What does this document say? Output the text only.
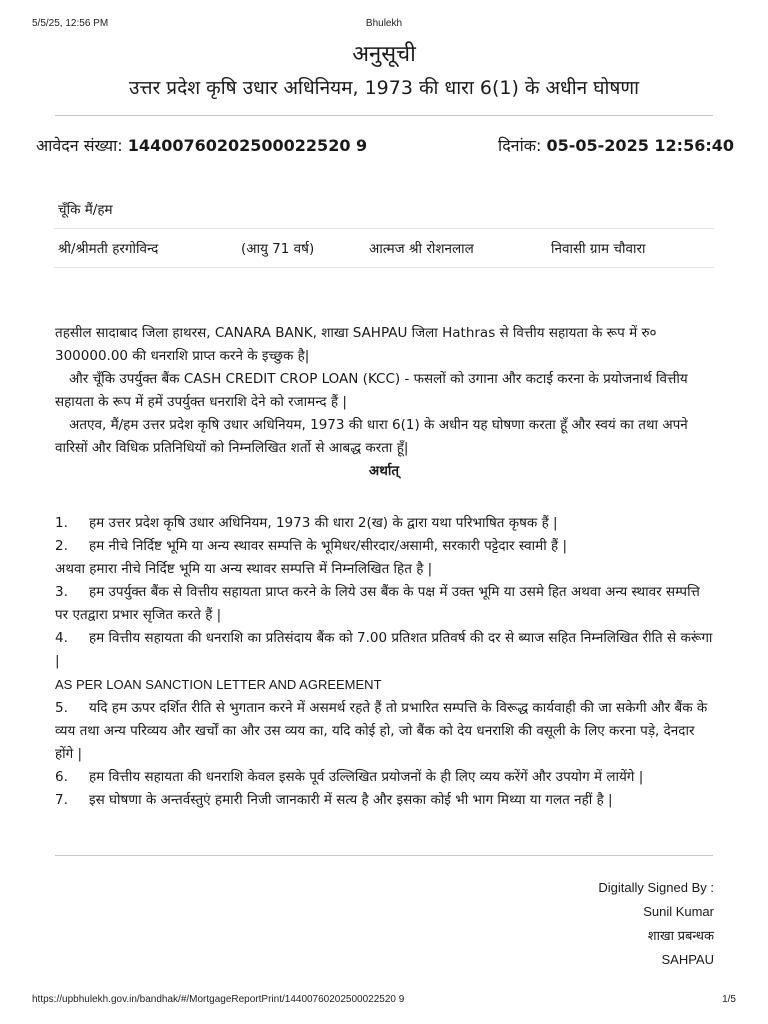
5/5/25, 12:56 PM	Bhulekh
अनुसूची
उत्तर प्रदेश कृषि उधार अधिनियम, 1973 की धारा 6(1) के अधीन घोषणा
आवेदन संख्या: 14400760202500022520 9	दिनांक: 05-05-2025 12:56:40
चूँकि मैं/हम
श्री/श्रीमती हरगोविन्द	(आयु 71 वर्ष)	आत्मज श्री रोशनलाल	निवासी ग्राम चौवारा

तहसील सादाबाद जिला हाथरस, CANARA BANK, शाखा SAHPAU जिला Hathras से वित्तीय सहायता के रूप में रु० 300000.00 की धनराशि प्राप्त करने के इच्छुक है|

और चूँकि उपर्युक्त बैंक CASH CREDIT CROP LOAN (KCC) - फसलों को उगाना और कटाई करना के प्रयोजनार्थ वित्तीय सहायता के रूप में हमें उपर्युक्त धनराशि देने को रजामन्द हैं |

अतएव, मैं/हम उत्तर प्रदेश कृषि उधार अधिनियम, 1973 की धारा 6(1) के अधीन यह घोषणा करता हूँ और स्वयं का तथा अपने वारिसों और विधिक प्रतिनिधियों को निम्नलिखित शर्तो से आबद्ध करता हूँ|

अर्थात्

1. हम उत्तर प्रदेश कृषि उधार अधिनियम, 1973 की धारा 2(ख) के द्वारा यथा परिभाषित कृषक हैं |

2. हम नीचे निर्दिष्ट भूमि या अन्य स्थावर सम्पत्ति के भूमिधर/सीरदार/असामी, सरकारी पट्टेदार स्वामी हैं |

अथवा हमारा नीचे निर्दिष्ट भूमि या अन्य स्थावर सम्पत्ति में निम्नलिखित हित है |

3. हम उपर्युक्त बैंक से वित्तीय सहायता प्राप्त करने के लिये उस बैंक के पक्ष में उक्त भूमि या उसमे हित अथवा अन्य स्थावर सम्पत्ति पर एतद्वारा प्रभार सृजित करते हैं |

4. हम वित्तीय सहायता की धनराशि का प्रतिसंदाय बैंक को 7.00 प्रतिशत प्रतिवर्ष की दर से ब्याज सहित निम्नलिखित रीति से करूंगा |

AS PER LOAN SANCTION LETTER AND AGREEMENT

5. यदि हम ऊपर दर्शित रीति से भुगतान करने में असमर्थ रहते हैं तो प्रभारित सम्पत्ति के विरूद्ध कार्यवाही की जा सकेगी और बैंक के व्यय तथा अन्य परिव्यय और खर्चों का और उस व्यय का, यदि कोई हो, जो बैंक को देय धनराशि की वसूली के लिए करना पड़े, देनदार होंगे |

6. हम वित्तीय सहायता की धनराशि केवल इसके पूर्व उल्लिखित प्रयोजनों के ही लिए व्यय करेंगें और उपयोग में लायेंगे |

7. इस घोषणा के अन्तर्वस्तुएं हमारी निजी जानकारी में सत्य है और इसका कोई भी भाग मिथ्या या गलत नहीं है |

Digitally Signed By :
Sunil Kumar
शाखा प्रबन्धक
SAHPAU
https://upbhulekh.gov.in/bandhak/#/MortgageReportPrint/14400760202500022520 9	1/5
